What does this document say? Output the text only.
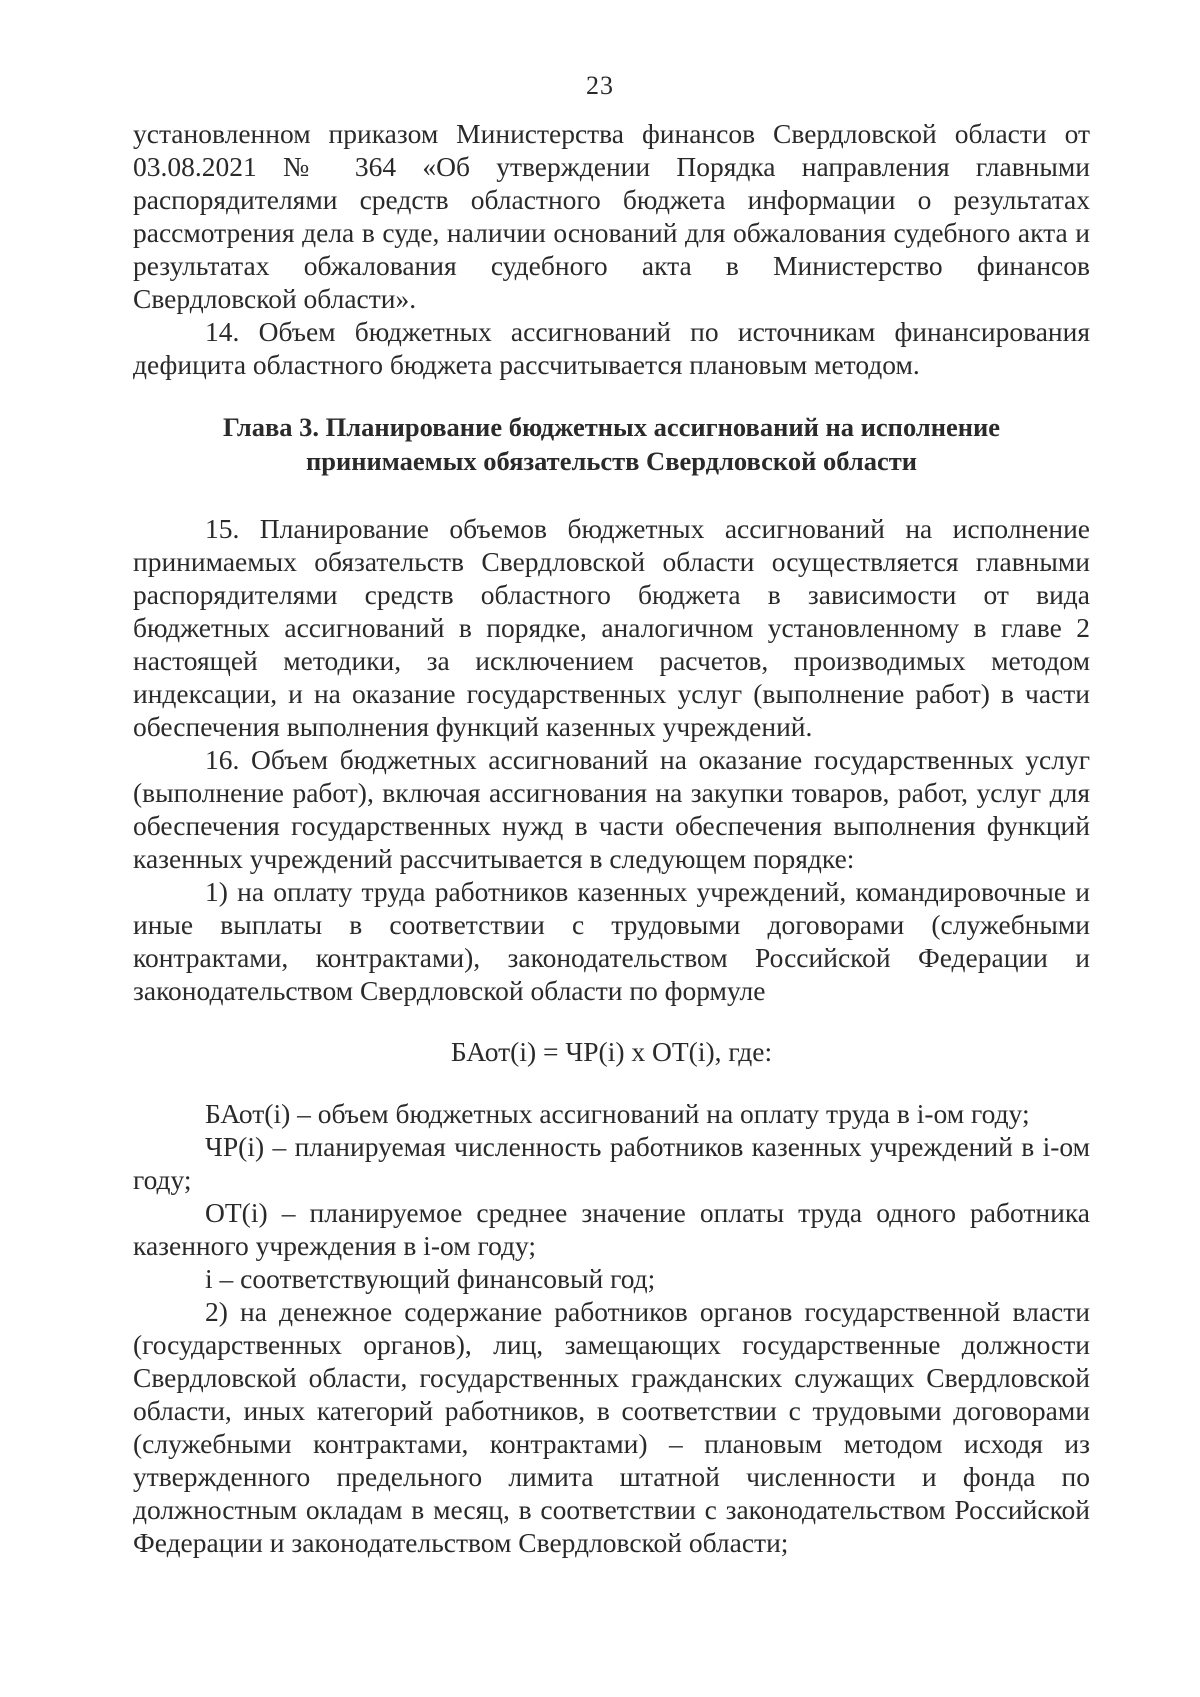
23

установленном приказом Министерства финансов Свердловской области от 03.08.2021 № 364 «Об утверждении Порядка направления главными распорядителями средств областного бюджета информации о результатах рассмотрения дела в суде, наличии оснований для обжалования судебного акта и результатах обжалования судебного акта в Министерство финансов Свердловской области».

14. Объем бюджетных ассигнований по источникам финансирования дефицита областного бюджета рассчитывается плановым методом.

Глава 3. Планирование бюджетных ассигнований на исполнение
принимаемых обязательств Свердловской области

15. Планирование объемов бюджетных ассигнований на исполнение принимаемых обязательств Свердловской области осуществляется главными распорядителями средств областного бюджета в зависимости от вида бюджетных ассигнований в порядке, аналогичном установленному в главе 2 настоящей методики, за исключением расчетов, производимых методом индексации, и на оказание государственных услуг (выполнение работ) в части обеспечения выполнения функций казенных учреждений.

16. Объем бюджетных ассигнований на оказание государственных услуг (выполнение работ), включая ассигнования на закупки товаров, работ, услуг для обеспечения государственных нужд в части обеспечения выполнения функций казенных учреждений рассчитывается в следующем порядке:

1) на оплату труда работников казенных учреждений, командировочные и иные выплаты в соответствии с трудовыми договорами (служебными контрактами, контрактами), законодательством Российской Федерации и законодательством Свердловской области по формуле

БАот(i) = ЧР(i) х ОТ(i), где:

БАот(i) – объем бюджетных ассигнований на оплату труда в i-ом году;

ЧР(i) – планируемая численность работников казенных учреждений в i-ом году;

ОТ(i) – планируемое среднее значение оплаты труда одного работника казенного учреждения в i-ом году;

i – соответствующий финансовый год;

2) на денежное содержание работников органов государственной власти (государственных органов), лиц, замещающих государственные должности Свердловской области, государственных гражданских служащих Свердловской области, иных категорий работников, в соответствии с трудовыми договорами (служебными контрактами, контрактами) – плановым методом исходя из утвержденного предельного лимита штатной численности и фонда по должностным окладам в месяц, в соответствии с законодательством Российской Федерации и законодательством Свердловской области;
